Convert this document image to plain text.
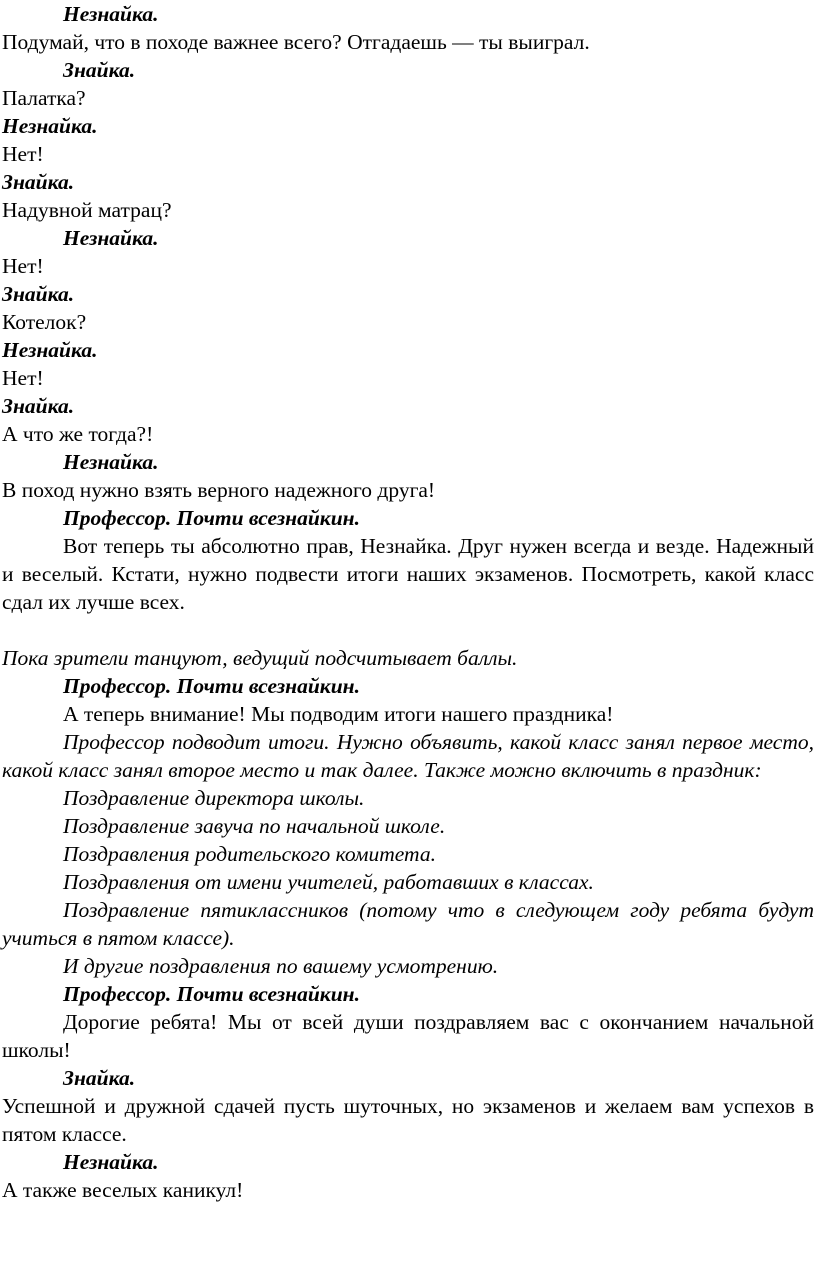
Незнайка.

Подумай, что в походе важнее всего? Отгадаешь — ты выиграл.

Знайка.

Палатка?

Незнайка.

Нет!

Знайка.

Надувной матрац?

Незнайка.

Нет!

Знайка.

Котелок?

Незнайка.

Нет!

Знайка.

А что же тогда?!

Незнайка.

В поход нужно взять верного надежного друга!

Профессор. Почти всезнайкин.

Вот теперь ты абсолютно прав, Незнайка. Друг нужен всегда и везде. Надежный и веселый. Кстати, нужно подвести итоги наших экзаменов. Посмотреть, какой класс сдал их лучше всех.

Пока зрители танцуют, ведущий подсчитывает баллы.

Профессор. Почти всезнайкин.

А теперь внимание! Мы подводим итоги нашего праздника!

Профессор подводит итоги. Нужно объявить, какой класс занял первое место, какой класс занял второе место и так далее. Также можно включить в праздник:

Поздравление директора школы.

Поздравление завуча по начальной школе.

Поздравления родительского комитета.

Поздравления от имени учителей, работавших в классах.

Поздравление пятиклассников (потому что в следующем году ребята будут учиться в пятом классе).

И другие поздравления по вашему усмотрению.

Профессор. Почти всезнайкин.

Дорогие ребята! Мы от всей души поздравляем вас с окончанием начальной школы!

Знайка.

Успешной и дружной сдачей пусть шуточных, но экзаменов и желаем вам успехов в пятом классе.

Незнайка.

А также веселых каникул!
